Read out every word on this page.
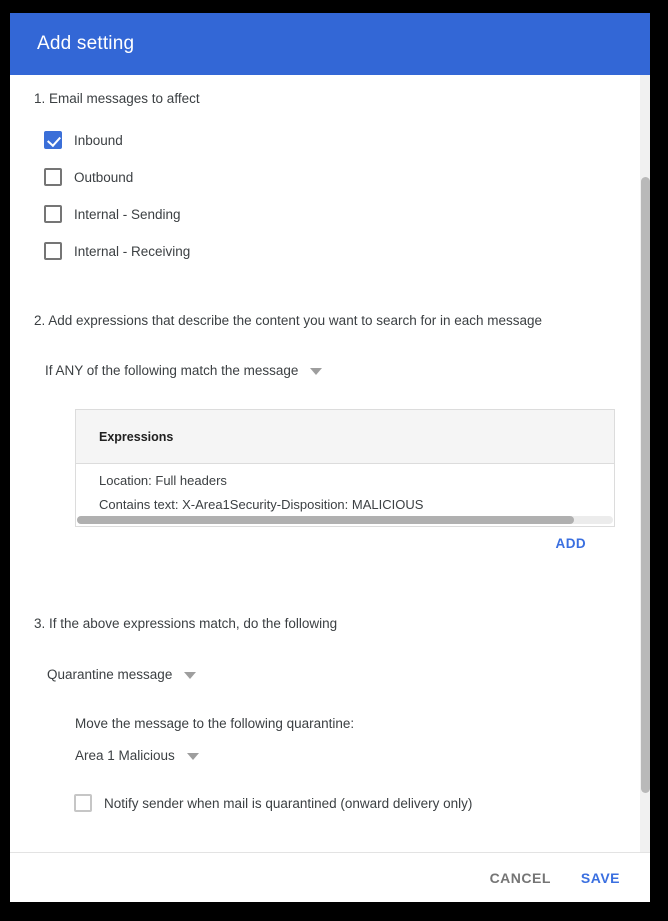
Add setting
1. Email messages to affect
Inbound
Outbound
Internal - Sending
Internal - Receiving
2. Add expressions that describe the content you want to search for in each message
If ANY of the following match the message
Expressions
Location: Full headers
Contains text: X-Area1Security-Disposition: MALICIOUS
ADD
3. If the above expressions match, do the following
Quarantine message
Move the message to the following quarantine:
Area 1 Malicious
Notify sender when mail is quarantined (onward delivery only)
CANCEL SAVE
